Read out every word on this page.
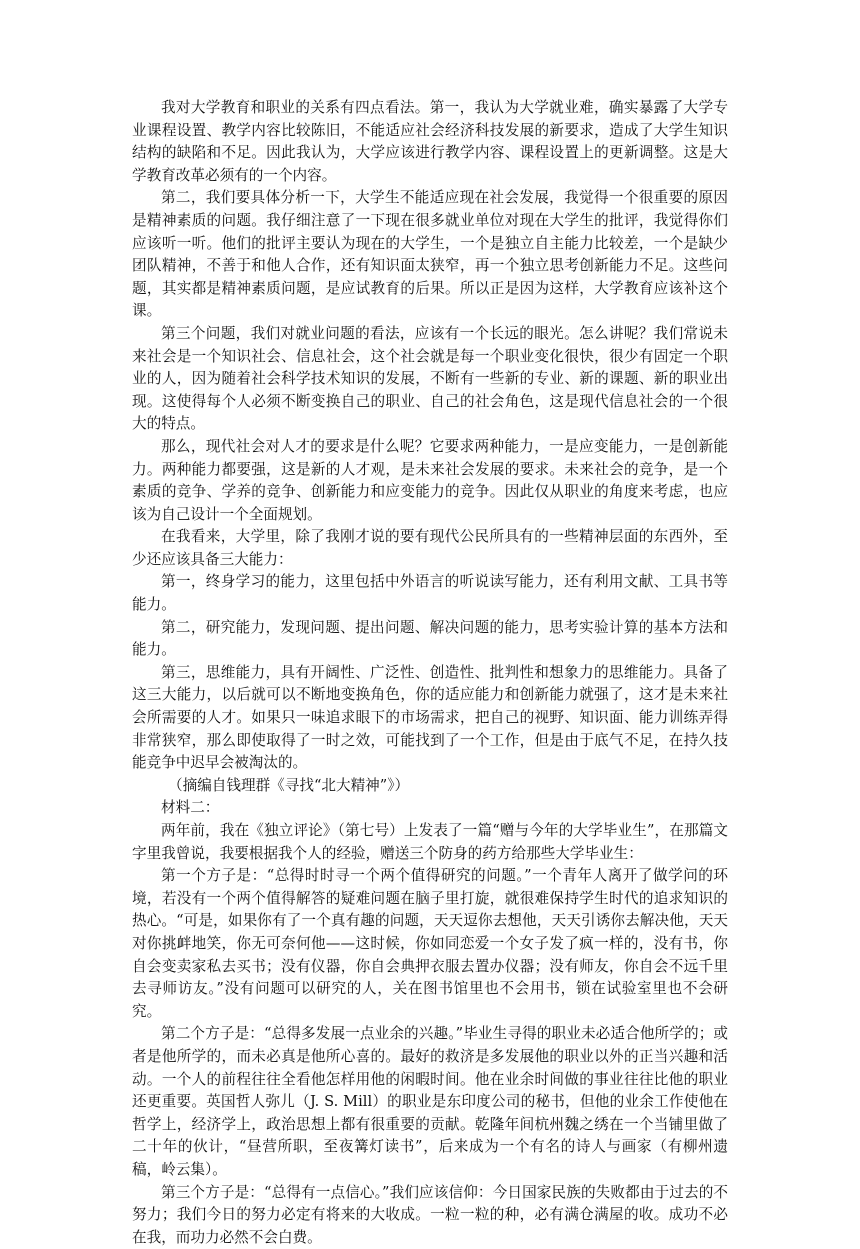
我对大学教育和职业的关系有四点看法。第一，我认为大学就业难，确实暴露了大学专业课程设置、教学内容比较陈旧，不能适应社会经济科技发展的新要求，造成了大学生知识结构的缺陷和不足。因此我认为，大学应该进行教学内容、课程设置上的更新调整。这是大学教育改革必须有的一个内容。

第二，我们要具体分析一下，大学生不能适应现在社会发展，我觉得一个很重要的原因是精神素质的问题。我仔细注意了一下现在很多就业单位对现在大学生的批评，我觉得你们应该听一听。他们的批评主要认为现在的大学生，一个是独立自主能力比较差，一个是缺少团队精神，不善于和他人合作，还有知识面太狭窄，再一个独立思考创新能力不足。这些问题，其实都是精神素质问题，是应试教育的后果。所以正是因为这样，大学教育应该补这个课。

第三个问题，我们对就业问题的看法，应该有一个长远的眼光。怎么讲呢？我们常说未来社会是一个知识社会、信息社会，这个社会就是每一个职业变化很快，很少有固定一个职业的人，因为随着社会科学技术知识的发展，不断有一些新的专业、新的课题、新的职业出现。这使得每个人必须不断变换自己的职业、自己的社会角色，这是现代信息社会的一个很大的特点。

那么，现代社会对人才的要求是什么呢？它要求两种能力，一是应变能力，一是创新能力。两种能力都要强，这是新的人才观，是未来社会发展的要求。未来社会的竞争，是一个素质的竞争、学养的竞争、创新能力和应变能力的竞争。因此仅从职业的角度来考虑，也应该为自己设计一个全面规划。

在我看来，大学里，除了我刚才说的要有现代公民所具有的一些精神层面的东西外，至少还应该具备三大能力：

第一，终身学习的能力，这里包括中外语言的听说读写能力，还有利用文献、工具书等能力。

第二，研究能力，发现问题、提出问题、解决问题的能力，思考实验计算的基本方法和能力。

第三，思维能力，具有开阔性、广泛性、创造性、批判性和想象力的思维能力。具备了这三大能力，以后就可以不断地变换角色，你的适应能力和创新能力就强了，这才是未来社会所需要的人才。如果只一味追求眼下的市场需求，把自己的视野、知识面、能力训练弄得非常狭窄，那么即使取得了一时之效，可能找到了一个工作，但是由于底气不足，在持久技能竞争中迟早会被淘汰的。

（摘编自钱理群《寻找“北大精神”》）

材料二：

两年前，我在《独立评论》（第七号）上发表了一篇“赠与今年的大学毕业生”，在那篇文字里我曾说，我要根据我个人的经验，赠送三个防身的药方给那些大学毕业生：

第一个方子是：“总得时时寻一个两个值得研究的问题。”一个青年人离开了做学问的环境，若没有一个两个值得解答的疑难问题在脑子里打旋，就很难保持学生时代的追求知识的热心。“可是，如果你有了一个真有趣的问题，天天逗你去想他，天天引诱你去解决他，天天对你挑衅地笑，你无可奈何他——这时候，你如同恋爱一个女子发了疯一样的，没有书，你自会变卖家私去买书；没有仪器，你自会典押衣服去置办仪器；没有师友，你自会不远千里去寻师访友。”没有问题可以研究的人，关在图书馆里也不会用书，锁在试验室里也不会研究。

第二个方子是：“总得多发展一点业余的兴趣。”毕业生寻得的职业未必适合他所学的；或者是他所学的，而未必真是他所心喜的。最好的救济是多发展他的职业以外的正当兴趣和活动。一个人的前程往往全看他怎样用他的闲暇时间。他在业余时间做的事业往往比他的职业还更重要。英国哲人弥儿（J. S. Mill）的职业是东印度公司的秘书，但他的业余工作使他在哲学上，经济学上，政治思想上都有很重要的贡献。乾隆年间杭州魏之绣在一个当铺里做了二十年的伙计，“昼营所职，至夜篝灯读书”，后来成为一个有名的诗人与画家（有柳州遗稿，岭云集）。

第三个方子是：“总得有一点信心。”我们应该信仰：今日国家民族的失败都由于过去的不努力；我们今日的努力必定有将来的大收成。一粒一粒的种，必有满仓满屋的收。成功不必在我，而功力必然不会白费。
